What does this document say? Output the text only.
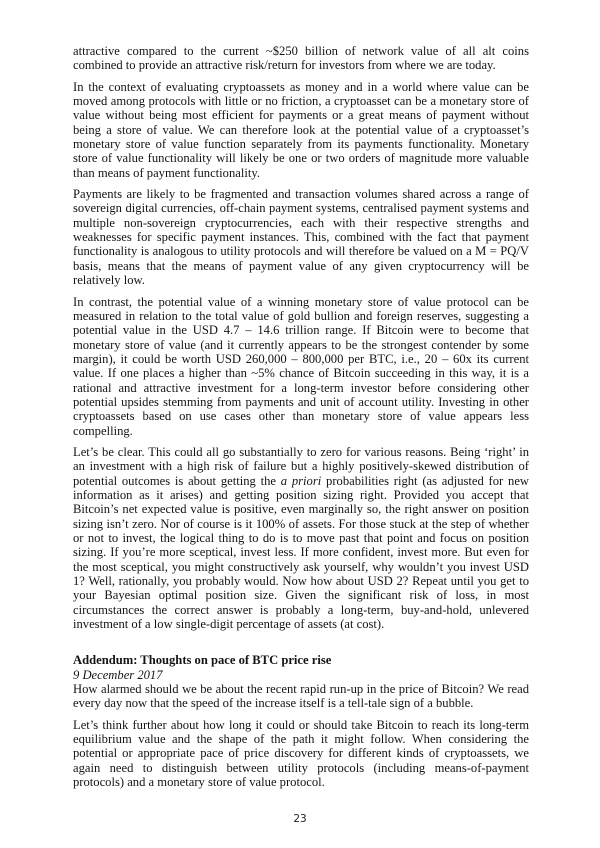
attractive compared to the current ~$250 billion of network value of all alt coins combined to provide an attractive risk/return for investors from where we are today.

In the context of evaluating cryptoassets as money and in a world where value can be moved among protocols with little or no friction, a cryptoasset can be a monetary store of value without being most efficient for payments or a great means of payment without being a store of value. We can therefore look at the potential value of a cryptoasset’s monetary store of value function separately from its payments functionality. Monetary store of value functionality will likely be one or two orders of magnitude more valuable than means of payment functionality.

Payments are likely to be fragmented and transaction volumes shared across a range of sovereign digital currencies, off-chain payment systems, centralised payment systems and multiple non-sovereign cryptocurrencies, each with their respective strengths and weaknesses for specific payment instances. This, combined with the fact that payment functionality is analogous to utility protocols and will therefore be valued on a M = PQ/V basis, means that the means of payment value of any given cryptocurrency will be relatively low.

In contrast, the potential value of a winning monetary store of value protocol can be measured in relation to the total value of gold bullion and foreign reserves, suggesting a potential value in the USD 4.7 – 14.6 trillion range. If Bitcoin were to become that monetary store of value (and it currently appears to be the strongest contender by some margin), it could be worth USD 260,000 – 800,000 per BTC, i.e., 20 – 60x its current value. If one places a higher than ~5% chance of Bitcoin succeeding in this way, it is a rational and attractive investment for a long-term investor before considering other potential upsides stemming from payments and unit of account utility. Investing in other cryptoassets based on use cases other than monetary store of value appears less compelling.

Let’s be clear. This could all go substantially to zero for various reasons. Being ‘right’ in an investment with a high risk of failure but a highly positively-skewed distribution of potential outcomes is about getting the a priori probabilities right (as adjusted for new information as it arises) and getting position sizing right. Provided you accept that Bitcoin’s net expected value is positive, even marginally so, the right answer on position sizing isn’t zero. Nor of course is it 100% of assets. For those stuck at the step of whether or not to invest, the logical thing to do is to move past that point and focus on position sizing. If you’re more sceptical, invest less. If more confident, invest more. But even for the most sceptical, you might constructively ask yourself, why wouldn’t you invest USD 1? Well, rationally, you probably would. Now how about USD 2? Repeat until you get to your Bayesian optimal position size. Given the significant risk of loss, in most circumstances the correct answer is probably a long-term, buy-and-hold, unlevered investment of a low single-digit percentage of assets (at cost).

Addendum: Thoughts on pace of BTC price rise
9 December 2017

How alarmed should we be about the recent rapid run-up in the price of Bitcoin? We read every day now that the speed of the increase itself is a tell-tale sign of a bubble.

Let’s think further about how long it could or should take Bitcoin to reach its long-term equilibrium value and the shape of the path it might follow. When considering the potential or appropriate pace of price discovery for different kinds of cryptoassets, we again need to distinguish between utility protocols (including means-of-payment protocols) and a monetary store of value protocol.

23
